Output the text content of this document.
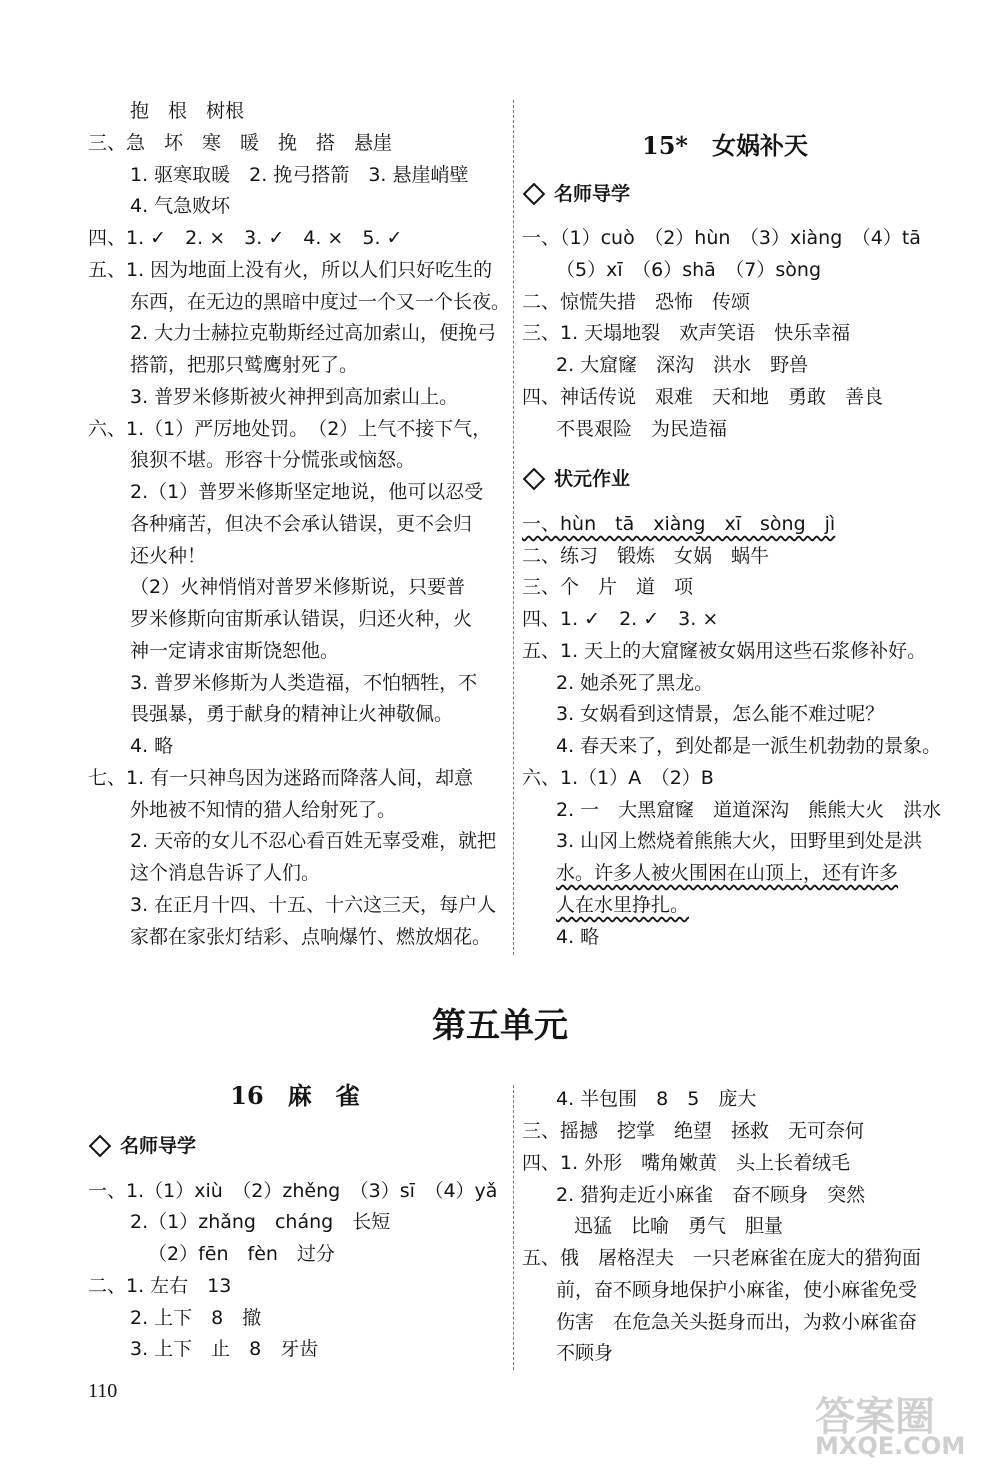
抱　根　树根
三、急　坏　寒　暖　挽　搭　悬崖
1. 驱寒取暖　2. 挽弓搭箭　3. 悬崖峭壁
4. 气急败坏
四、1. ✓　2. ×　3. ✓　4. ×　5. ✓
五、1. 因为地面上没有火，所以人们只好吃生的
东西，在无边的黑暗中度过一个又一个长夜。
2. 大力士赫拉克勒斯经过高加索山，便挽弓
搭箭，把那只鹫鹰射死了。
3. 普罗米修斯被火神押到高加索山上。
六、1.（1）严厉地处罚。　（2）上气不接下气，
狼狈不堪。形容十分慌张或恼怒。
2.（1）普罗米修斯坚定地说，他可以忍受
各种痛苦，但决不会承认错误，更不会归
还火种！
（2）火神悄悄对普罗米修斯说，只要普
罗米修斯向宙斯承认错误，归还火种，火
神一定请求宙斯饶恕他。
3. 普罗米修斯为人类造福，不怕牺牲，不
畏强暴，勇于献身的精神让火神敬佩。
4. 略
七、1. 有一只神鸟因为迷路而降落人间，却意
外地被不知情的猎人给射死了。
2. 天帝的女儿不忍心看百姓无辜受难，就把
这个消息告诉了人们。
3. 在正月十四、十五、十六这三天，每户人
家都在家张灯结彩、点响爆竹、燃放烟花。
15*　女娲补天
名师导学
一、（1）cuò　（2）hùn　（3）xiàng　（4）tā
（5）xī　（6）shā　（7）sòng
二、惊慌失措　恐怖　传颂
三、1. 天塌地裂　欢声笑语　快乐幸福
2. 大窟窿　深沟　洪水　野兽
四、神话传说　艰难　天和地　勇敢　善良
不畏艰险　为民造福
状元作业
一、hùn　tā　xiàng　xī　sòng　jì
二、练习　锻炼　女娲　蜗牛
三、个　片　道　项
四、1. ✓　2. ✓　3. ×
五、1. 天上的大窟窿被女娲用这些石浆修补好。
2. 她杀死了黑龙。
3. 女娲看到这情景，怎么能不难过呢？
4. 春天来了，到处都是一派生机勃勃的景象。
六、1.（1）A　（2）B
2. 一　大黑窟窿　道道深沟　熊熊大火　洪水
3. 山冈上燃烧着熊熊大火，田野里到处是洪
水。许多人被火围困在山顶上，还有许多
人在水里挣扎。
4. 略
第五单元
16　麻　雀
名师导学
一、1.（1）xiù　（2）zhěng　（3）sī　（4）yǎ
2.（1）zhǎng　cháng　长短
（2）fēn　fèn　过分
二、1. 左右　13
2. 上下　8　撤
3. 上下　止　8　牙齿
4. 半包围　8　5　庞大
三、摇撼　挖掌　绝望　拯救　无可奈何
四、1. 外形　嘴角嫩黄　头上长着绒毛
2. 猎狗走近小麻雀　奋不顾身　突然
迅猛　比喻　勇气　胆量
五、俄　屠格涅夫　一只老麻雀在庞大的猎狗面
前，奋不顾身地保护小麻雀，使小麻雀免受
伤害　在危急关头挺身而出，为救小麻雀奋
不顾身
110
答案圈
MXQE.COM
